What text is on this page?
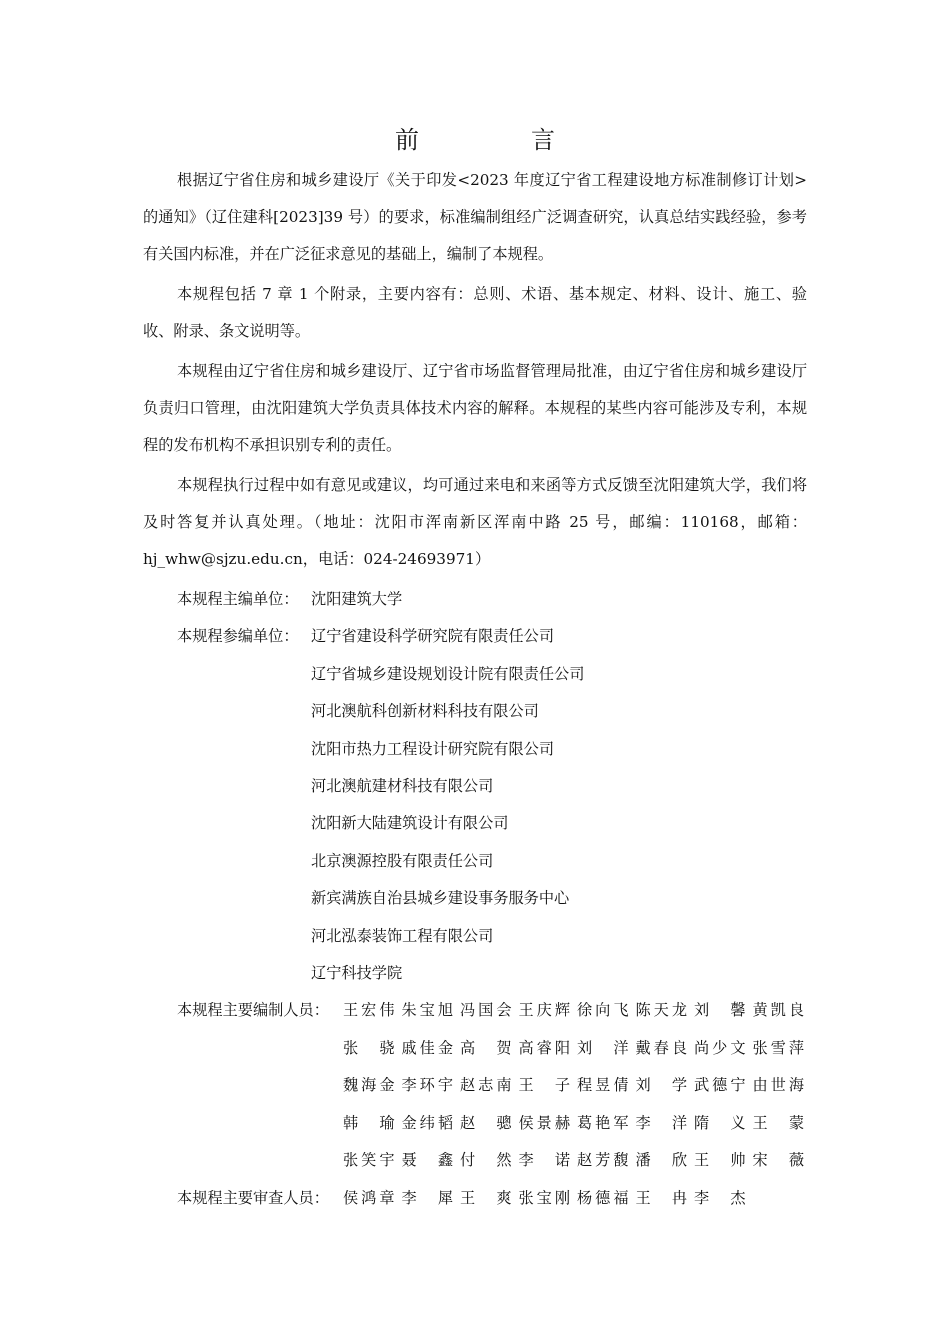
前　言

根据辽宁省住房和城乡建设厅《关于印发<2023 年度辽宁省工程建设地方标准制修订计划>的通知》（辽住建科[2023]39 号）的要求，标准编制组经广泛调查研究，认真总结实践经验，参考有关国内标准，并在广泛征求意见的基础上，编制了本规程。

本规程包括 7 章 1 个附录，主要内容有：总则、术语、基本规定、材料、设计、施工、验收、附录、条文说明等。

本规程由辽宁省住房和城乡建设厅、辽宁省市场监督管理局批准，由辽宁省住房和城乡建设厅负责归口管理，由沈阳建筑大学负责具体技术内容的解释。本规程的某些内容可能涉及专利，本规程的发布机构不承担识别专利的责任。

本规程执行过程中如有意见或建议，均可通过来电和来函等方式反馈至沈阳建筑大学，我们将及时答复并认真处理。（地址：沈阳市浑南新区浑南中路 25 号，邮编：110168，邮箱：hj_whw@sjzu.edu.cn，电话：024-24693971）

本规程主编单位： 沈阳建筑大学
本规程参编单位： 辽宁省建设科学研究院有限责任公司
辽宁省城乡建设规划设计院有限责任公司
河北澳航科创新材料科技有限公司
沈阳市热力工程设计研究院有限公司
河北澳航建材科技有限公司
沈阳新大陆建筑设计有限公司
北京澳源控股有限责任公司
新宾满族自治县城乡建设事务服务中心
河北泓泰装饰工程有限公司
辽宁科技学院
本规程主要编制人员： 王宏伟 朱宝旭 冯国会 王庆辉 徐向飞 陈天龙 刘馨 黄凯良
张骁 戚佳金 高贺 高睿阳 刘洋 戴春良 尚少文 张雪萍
魏海金 李环宇 赵志南 王子 程昱倩 刘学 武德宁 由世海
韩瑜 金纬韬 赵骢 侯景赫 葛艳军 李洋 隋义 王蒙
张笑宇 聂鑫 付然 李诺 赵芳馥 潘欣 王帅 宋薇
本规程主要审查人员： 侯鸿章 李犀 王爽 张宝刚 杨德福 王冉 李杰
